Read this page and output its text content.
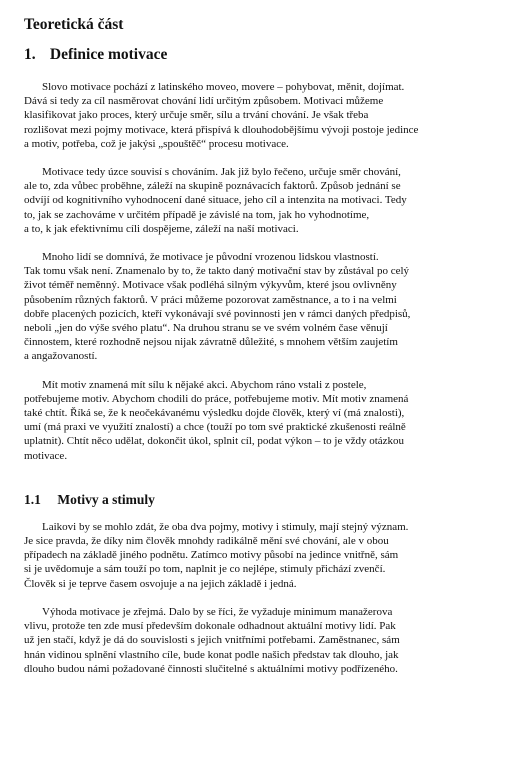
Teoretická část
1. Definice motivace

Slovo motivace pochází z latinského moveo, movere – pohybovat, měnit, dojímat.
Dává si tedy za cíl nasměrovat chování lidí určitým způsobem. Motivaci můžeme
klasifikovat jako proces, který určuje směr, sílu a trvání chování. Je však třeba
rozlišovat mezi pojmy motivace, která přispívá k dlouhodobějšímu vývoji postoje jedince
a motiv, potřeba, což je jakýsi „spouštěč“ procesu motivace.

Motivace tedy úzce souvisí s chováním. Jak již bylo řečeno, určuje směr chování,
ale to, zda vůbec proběhne, záleží na skupině poznávacích faktorů. Způsob jednání se
odvíjí od kognitivního vyhodnocení dané situace, jeho cíl a intenzita na motivaci. Tedy
to, jak se zachováme v určitém případě je závislé na tom, jak ho vyhodnotíme,
a to, k jak efektivnímu cíli dospějeme, záleží na naší motivaci.

Mnoho lidí se domnívá, že motivace je původní vrozenou lidskou vlastností.
Tak tomu však není. Znamenalo by to, že takto daný motivační stav by zůstával po celý
život téměř neměnný. Motivace však podléhá silným výkyvům, které jsou ovlivněny
působením různých faktorů. V práci můžeme pozorovat zaměstnance, a to i na velmi
dobře placených pozicích, kteří vykonávají své povinnosti jen v rámci daných předpisů,
neboli „jen do výše svého platu“. Na druhou stranu se ve svém volném čase věnují
činnostem, které rozhodně nejsou nijak závratně důležité, s mnohem větším zaujetím
a angažovaností.

Mít motiv znamená mít sílu k nějaké akci. Abychom ráno vstali z postele,
potřebujeme motiv. Abychom chodili do práce, potřebujeme motiv. Mít motiv znamená
také chtít. Říká se, že k neočekávanému výsledku dojde člověk, který ví (má znalosti),
umí (má praxi ve využití znalostí) a chce (touží po tom své praktické zkušenosti reálně
uplatnit). Chtít něco udělat, dokončit úkol, splnit cíl, podat výkon – to je vždy otázkou
motivace.

1.1 Motivy a stimuly

Laikovi by se mohlo zdát, že oba dva pojmy, motivy i stimuly, mají stejný význam.
Je sice pravda, že díky nim člověk mnohdy radikálně mění své chování, ale v obou
případech na základě jiného podnětu. Zatímco motivy působí na jedince vnitřně, sám
si je uvědomuje a sám touží po tom, naplnit je co nejlépe, stimuly přichází zvenčí.
Člověk si je teprve časem osvojuje a na jejich základě i jedná.

Výhoda motivace je zřejmá. Dalo by se říci, že vyžaduje minimum manažerova
vlivu, protože ten zde musí především dokonale odhadnout aktuální motivy lidí. Pak
už jen stačí, když je dá do souvislosti s jejich vnitřními potřebami. Zaměstnanec, sám
hnán vidinou splnění vlastního cíle, bude konat podle našich představ tak dlouho, jak
dlouho budou námi požadované činnosti slučitelné s aktuálními motivy podřízeného.
